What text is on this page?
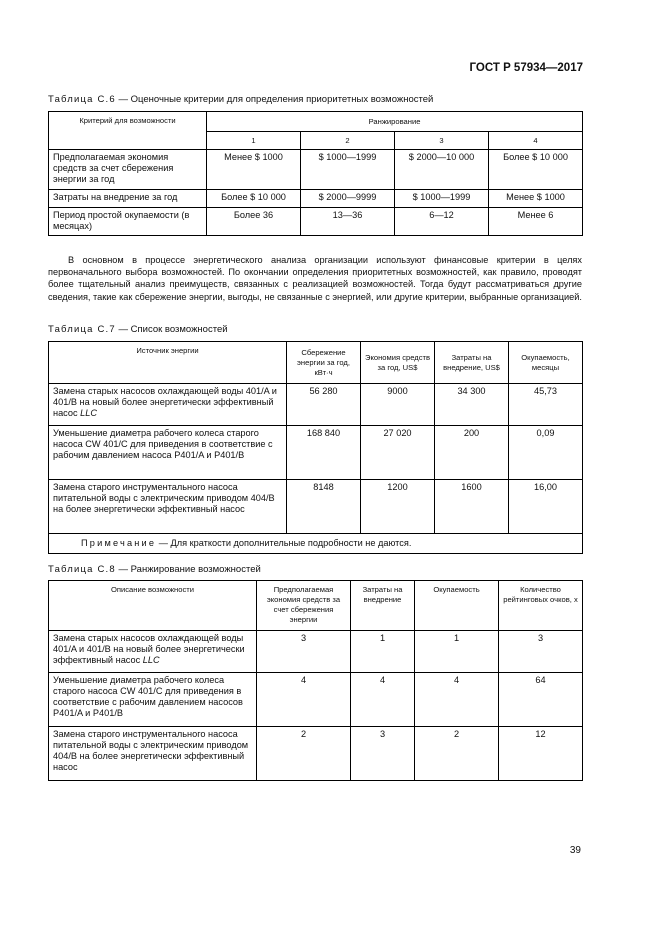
ГОСТ Р 57934—2017
Таблица С.6 — Оценочные критерии для определения приоритетных возможностей
Критерий для возможности	Ранжирование			
	1	2	3	4
Предполагаемая экономия средств за счет сбережения энергии за год	Менее $ 1000	$ 1000—1999	$ 2000—10 000	Более $ 10 000
Затраты на внедрение за год	Более $ 10 000	$ 2000—9999	$ 1000—1999	Менее $ 1000
Период простой окупаемости (в месяцах)	Более 36	13—36	6—12	Менее 6

В основном в процессе энергетического анализа организации используют финансовые критерии в целях первоначального выбора возможностей. По окончании определения приоритетных возможностей, как правило, проводят более тщательный анализ преимуществ, связанных с реализацией возможностей. Тогда будут рассматриваться другие сведения, такие как сбережение энергии, выгоды, не связанные с энергией, или другие критерии, выбранные организацией.

Таблица С.7 — Список возможностей
Источник энергии	Сбережение энергии за год, кВт·ч	Экономия средств за год, US$	Затраты на внедрение, US$	Окупаемость, месяцы
Замена старых насосов охлаждающей воды 401/A и 401/B на новый более энергетически эффективный насос LLC	56 280	9000	34 300	45,73
Уменьшение диаметра рабочего колеса старого насоса CW 401/C для приведения в соответствие с рабочим давлением насоса P401/A и P401/B	168 840	27 020	200	0,09
Замена старого инструментального насоса питательной воды с электрическим приводом 404/B на более энергетически эффективный насос	8148	1200	1600	16,00
Примечание — Для краткости дополнительные подробности не даются.				
Таблица С.8 — Ранжирование возможностей
Описание возможности	Предполагаемая экономия средств за счет сбережения энергии	Затраты на внедрение	Окупаемость	Количество рейтинговых очков, x
Замена старых насосов охлаждающей воды 401/A и 401/B на новый более энергетически эффективный насос LLC	3	1	1	3
Уменьшение диаметра рабочего колеса старого насоса CW 401/C для приведения в соответствие с рабочим давлением насосов P401/A и P401/B	4	4	4	64
Замена старого инструментального насоса питательной воды с электрическим приводом 404/B на более энергетически эффективный насос	2	3	2	12
39
